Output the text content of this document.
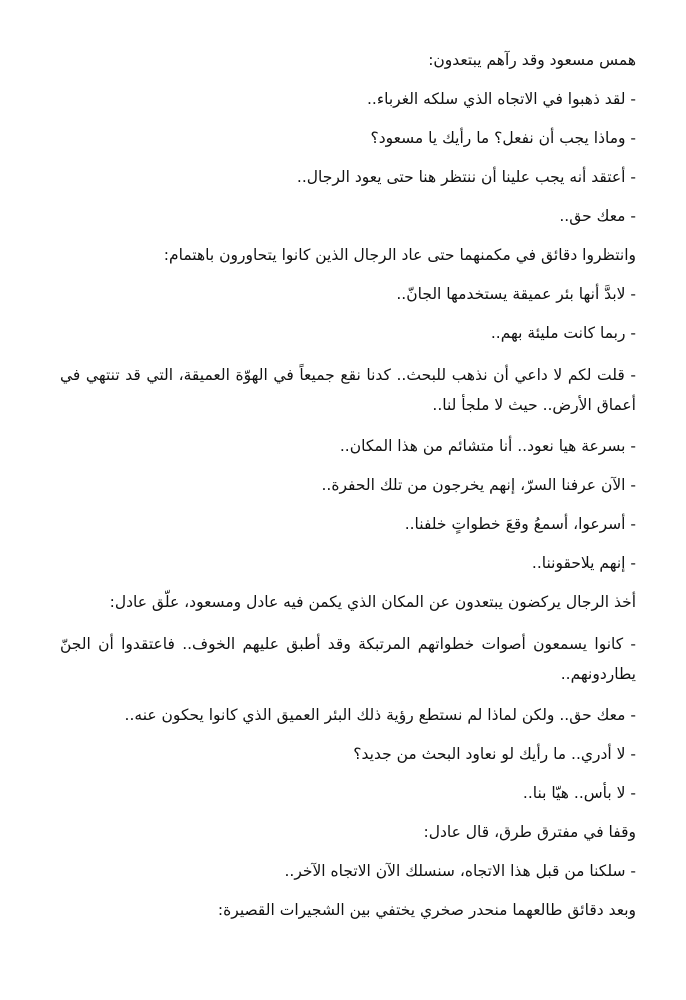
همس مسعود وقد رآهم يبتعدون:

- لقد ذهبوا في الاتجاه الذي سلكه الغرباء..

- وماذا يجب أن نفعل؟ ما رأيك يا مسعود؟

- أعتقد أنه يجب علينا أن ننتظر هنا حتى يعود الرجال..

- معك حق..

وانتظروا دقائق في مكمنهما حتى عاد الرجال الذين كانوا يتحاورون باهتمام:

- لابدَّ أنها بئر عميقة يستخدمها الجانّ..

- ربما كانت مليئة بهم..

- قلت لكم لا داعي أن نذهب للبحث.. كدنا نقع جميعاً في الهوّة العميقة، التي قد تنتهي في أعماق الأرض.. حيث لا ملجأ لنا..

- بسرعة هيا نعود.. أنا متشائم من هذا المكان..

- الآن عرفنا السرّ، إنهم يخرجون من تلك الحفرة..

- أسرعوا، أسمعُ وقعَ خطواتٍ خلفنا..

- إنهم يلاحقوننا..

أخذ الرجال يركضون يبتعدون عن المكان الذي يكمن فيه عادل ومسعود، علّق عادل:

- كانوا يسمعون أصوات خطواتهم المرتبكة وقد أطبق عليهم الخوف.. فاعتقدوا أن الجنّ يطاردونهم..

- معك حق.. ولكن لماذا لم نستطع رؤية ذلك البئر العميق الذي كانوا يحكون عنه..

- لا أدري.. ما رأيك لو نعاود البحث من جديد؟

- لا بأس.. هيّا بنا..

وقفا في مفترق طرق، قال عادل:

- سلكنا من قبل هذا الاتجاه، سنسلك الآن الاتجاه الآخر..

وبعد دقائق طالعهما منحدر صخري يختفي بين الشجيرات القصيرة:
